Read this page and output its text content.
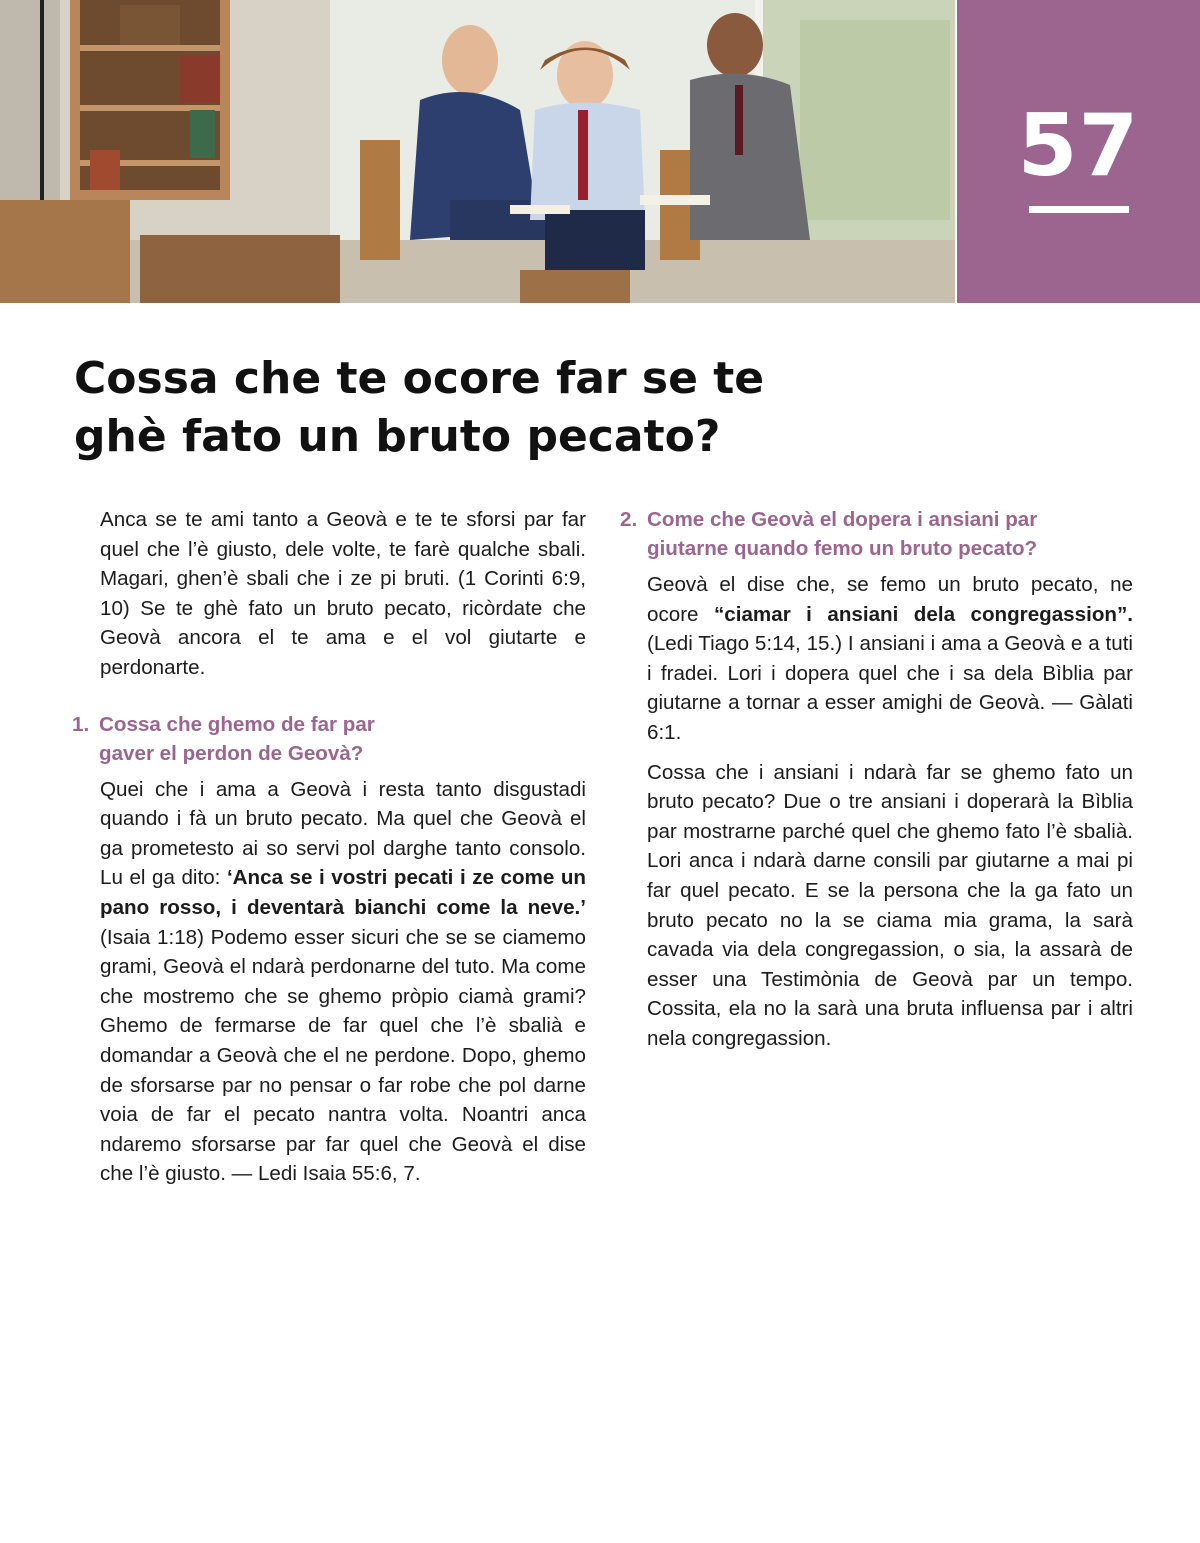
57
Cossa che te ocore far se te
ghè fato un bruto pecato?

Anca se te ami tanto a Geovà e te te sforsi par far quel che l’è giusto, dele volte, te farè qualche sbali. Magari, ghen’è sbali che i ze pi bruti. (1 Corinti 6:9, 10) Se te ghè fato un bruto pecato, ricòrdate che Geovà ancora el te ama e el vol giutarte e perdonarte.

1. Cossa che ghemo de far par
gaver el perdon de Geovà?

Quei che i ama a Geovà i resta tanto disgustadi quando i fà un bruto pecato. Ma quel che Geovà el ga prometesto ai so servi pol darghe tanto consolo. Lu el ga dito: ‘Anca se i vostri pecati i ze come un pano rosso, i deventarà bianchi come la neve.’ (Isaia 1:18) Podemo esser sicuri che se se ciamemo grami, Geovà el ndarà perdonarne del tuto. Ma come che mostremo che se ghemo pròpio ciamà grami? Ghemo de fermarse de far quel che l’è sbalià e domandar a Geovà che el ne perdone. Dopo, ghemo de sforsarse par no pensar o far robe che pol darne voia de far el pecato nantra volta. Noantri anca ndaremo sforsarse par far quel che Geovà el dise che l’è giusto. — Ledi Isaia 55:6, 7.

2. Come che Geovà el dopera i ansiani par
giutarne quando femo un bruto pecato?

Geovà el dise che, se femo un bruto pecato, ne ocore “ciamar i ansiani dela congregassion”. (Ledi Tiago 5:14, 15.) I ansiani i ama a Geovà e a tuti i fradei. Lori i dopera quel che i sa dela Bìblia par giutarne a tornar a esser amighi de Geovà. — Gàlati 6:1.

Cossa che i ansiani i ndarà far se ghemo fato un bruto pecato? Due o tre ansiani i doperarà la Bìblia par mostrarne parché quel che ghemo fato l’è sbalià. Lori anca i ndarà darne consili par giutarne a mai pi far quel pecato. E se la persona che la ga fato un bruto pecato no la se ciama mia grama, la sarà cavada via dela congregassion, o sia, la assarà de esser una Testimònia de Geovà par un tempo. Cossita, ela no la sarà una bruta influensa par i altri nela congregassion.
